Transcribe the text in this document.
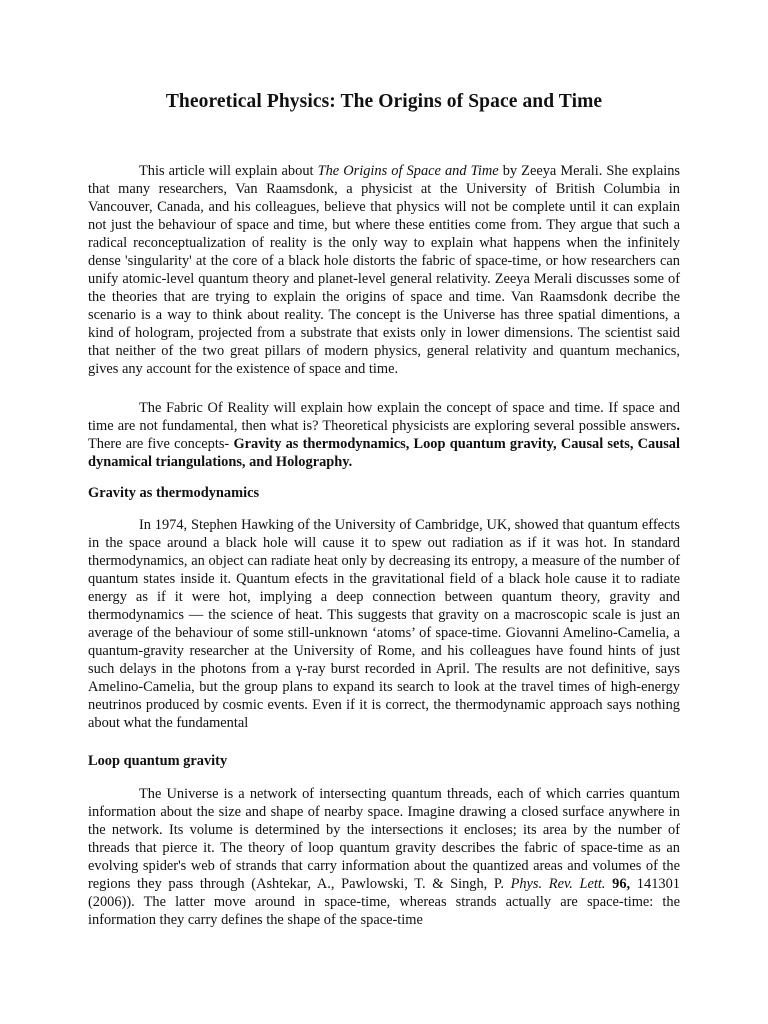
Theoretical Physics: The Origins of Space and Time

This article will explain about The Origins of Space and Time by Zeeya Merali. She explains that many researchers, Van Raamsdonk, a physicist at the University of British Columbia in Vancouver, Canada, and his colleagues, believe that physics will not be complete until it can explain not just the behaviour of space and time, but where these entities come from. They argue that such a radical reconceptualization of reality is the only way to explain what happens when the infinitely dense 'singularity' at the core of a black hole distorts the fabric of space-time, or how researchers can unify atomic-level quantum theory and planet-level general relativity. Zeeya Merali discusses some of the theories that are trying to explain the origins of space and time. Van Raamsdonk decribe the scenario is a way to think about reality. The concept is the Universe has three spatial dimentions, a kind of hologram, projected from a substrate that exists only in lower dimensions. The scientist said that neither of the two great pillars of modern physics, general relativity and quantum mechanics, gives any account for the existence of space and time.

The Fabric Of Reality will explain how explain the concept of space and time. If space and time are not fundamental, then what is? Theoretical physicists are exploring several possible answers. There are five concepts- Gravity as thermodynamics, Loop quantum gravity, Causal sets, Causal dynamical triangulations, and Holography.

Gravity as thermodynamics

In 1974, Stephen Hawking of the University of Cambridge, UK, showed that quantum effects in the space around a black hole will cause it to spew out radiation as if it was hot. In standard thermodynamics, an object can radiate heat only by decreasing its entropy, a measure of the number of quantum states inside it. Quantum efects in the gravitational field of a black hole cause it to radiate energy as if it were hot, implying a deep connection between quantum theory, gravity and thermodynamics — the science of heat. This suggests that gravity on a macroscopic scale is just an average of the behaviour of some still-unknown ‘atoms’ of space-time. Giovanni Amelino-Camelia, a quantum-gravity researcher at the University of Rome, and his colleagues have found hints of just such delays in the photons from a γ-ray burst recorded in April. The results are not definitive, says Amelino-Camelia, but the group plans to expand its search to look at the travel times of high-energy neutrinos produced by cosmic events. Even if it is correct, the thermodynamic approach says nothing about what the fundamental

Loop quantum gravity

The Universe is a network of intersecting quantum threads, each of which carries quantum information about the size and shape of nearby space. Imagine drawing a closed surface anywhere in the network. Its volume is determined by the intersections it encloses; its area by the number of threads that pierce it. The theory of loop quantum gravity describes the fabric of space-time as an evolving spider's web of strands that carry information about the quantized areas and volumes of the regions they pass through (Ashtekar, A., Pawlowski, T. & Singh, P. Phys. Rev. Lett. 96, 141301 (2006)). The latter move around in space-time, whereas strands actually are space-time: the information they carry defines the shape of the space-time
